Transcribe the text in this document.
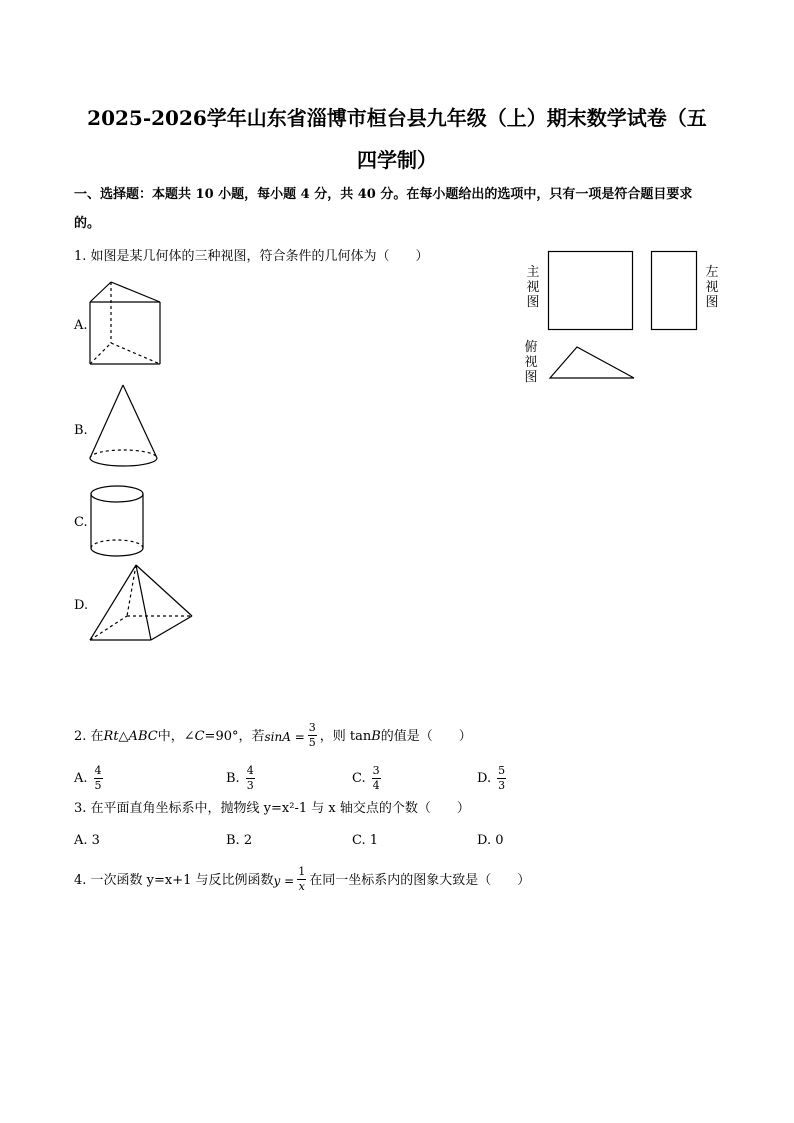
2025-2026学年山东省淄博市桓台县九年级（上）期末数学试卷（五
四学制）
一、选择题：本题共 10 小题，每小题 4 分，共 40 分。在每小题给出的选项中，只有一项是符合题目要求
的。
1. 如图是某几何体的三种视图，符合条件的几何体为（　　）
主
视
图
左
视
图
俯
视
图
A.
B.
C.
D.
2. 在 Rt△ABC 中，∠ C =90°，若 sinA =
3
5 ，则 tan B 的值是（　　）
A. 4
5	B. 4
3	C. 3
4	D. 5
3
3. 在平面直角坐标系中，抛物线 y=x²-1 与 x 轴交点的个数（　　）
A. 3	B. 2	C. 1	D. 0
4. 一次函数 y=x+1 与反比例函数 y =
1
x 在同一坐标系内的图象大致是（　　）
